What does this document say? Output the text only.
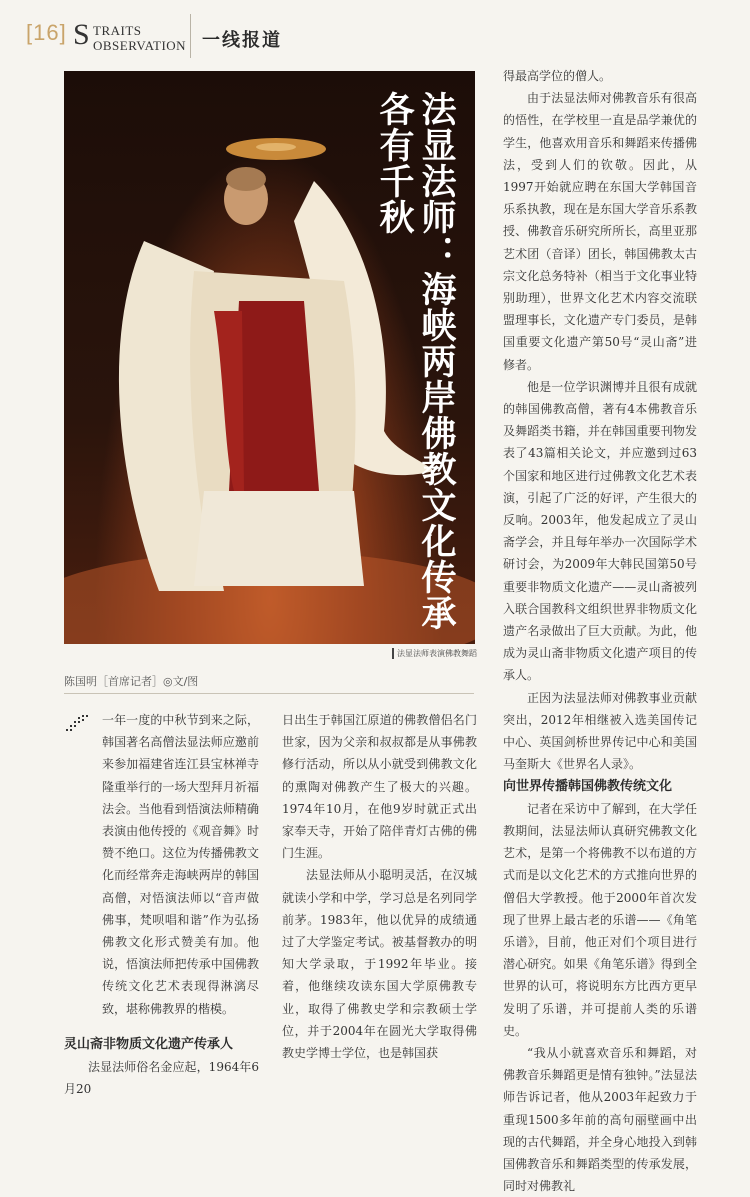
[16] S TRAITS
OBSERVATION 一线报道
法显法师：海峡两岸佛教文化传承各有千秋
法显法师表演佛教舞蹈
陈国明［首席记者］◎文/图

一年一度的中秋节到来之际，韩国著名高僧法显法师应邀前来参加福建省连江县宝林禅寺隆重举行的一场大型拜月祈福法会。当他看到悟演法师精确表演由他传授的《观音舞》时赞不绝口。这位为传播佛教文化而经常奔走海峡两岸的韩国高僧，对悟演法师以“音声做佛事，梵呗唱和谐”作为弘扬佛教文化形式赞美有加。他说，悟演法师把传承中国佛教传统文化艺术表现得淋漓尽致，堪称佛教界的楷模。

灵山斋非物质文化遗产传承人

法显法师俗名金应起，1964年6月20

日出生于韩国江原道的佛教僧侣名门世家，因为父亲和叔叔都是从事佛教修行活动，所以从小就受到佛教文化的熏陶对佛教产生了极大的兴趣。1974年10月，在他9岁时就正式出家奉天寺，开始了陪伴青灯古佛的佛门生涯。

法显法师从小聪明灵活，在汉城就读小学和中学，学习总是名列同学前茅。1983年，他以优异的成绩通过了大学鉴定考试。被基督教办的明知大学录取，于1992年毕业。接着，他继续攻读东国大学原佛教专业，取得了佛教史学和宗教硕士学位，并于2004年在圆光大学取得佛教史学博士学位，也是韩国获

得最高学位的僧人。

由于法显法师对佛教音乐有很高的悟性，在学校里一直是品学兼优的学生，他喜欢用音乐和舞蹈来传播佛法，受到人们的钦敬。因此，从1997开始就应聘在东国大学韩国音乐系执教，现在是东国大学音乐系教授、佛教音乐研究所所长，高里亚那艺术团（音译）团长，韩国佛教太古宗文化总务特补（相当于文化事业特别助理），世界文化艺术内容交流联盟理事长，文化遗产专门委员，是韩国重要文化遗产第50号“灵山斋”进修者。

他是一位学识渊博并且很有成就的韩国佛教高僧，著有4本佛教音乐及舞蹈类书籍，并在韩国重要刊物发表了43篇相关论文，并应邀到过63个国家和地区进行过佛教文化艺术表演，引起了广泛的好评，产生很大的反响。2003年，他发起成立了灵山斋学会，并且每年举办一次国际学术研讨会，为2009年大韩民国第50号重要非物质文化遗产——灵山斋被列入联合国教科文组织世界非物质文化遗产名录做出了巨大贡献。为此，他成为灵山斋非物质文化遗产项目的传承人。

正因为法显法师对佛教事业贡献突出，2012年相继被入选美国传记中心、英国剑桥世界传记中心和美国马奎斯大《世界名人录》。

向世界传播韩国佛教传统文化

记者在采访中了解到，在大学任教期间，法显法师认真研究佛教文化艺术，是第一个将佛教不以布道的方式而是以文化艺术的方式推向世界的僧侣大学教授。他于2000年首次发现了世界上最古老的乐谱——《角笔乐谱》，目前，他正对们个项目进行潜心研究。如果《角笔乐谱》得到全世界的认可，将说明东方比西方更早发明了乐谱，并可提前人类的乐谱史。

“我从小就喜欢音乐和舞蹈，对佛教音乐舞蹈更是情有独钟。”法显法师告诉记者，他从2003年起致力于重现1500多年前的高句丽壁画中出现的古代舞蹈，并全身心地投入到韩国佛教音乐和舞蹈类型的传承发展，同时对佛教礼
